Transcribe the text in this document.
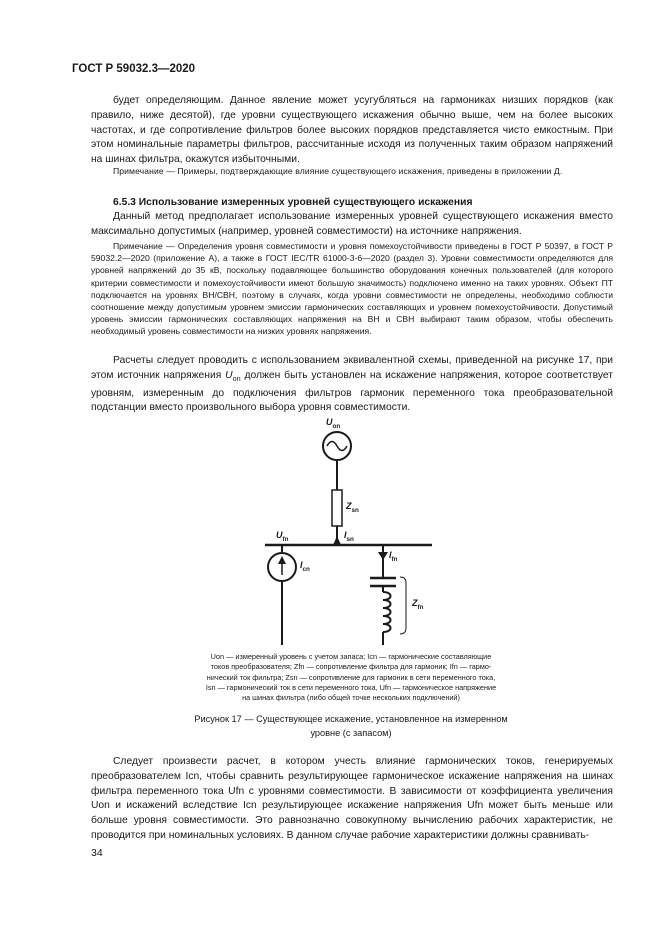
ГОСТ Р 59032.3—2020
будет определяющим. Данное явление может усугубляться на гармониках низших порядков (как правило, ниже десятой), где уровни существующего искажения обычно выше, чем на более высоких частотах, и где сопротивление фильтров более высоких порядков представляется чисто емкостным. При этом номинальные параметры фильтров, рассчитанные исходя из полученных таким образом напряжений на шинах фильтра, окажутся избыточными.
Примечание — Примеры, подтверждающие влияние существующего искажения, приведены в приложении Д.
6.5.3 Использование измеренных уровней существующего искажения
Данный метод предполагает использование измеренных уровней существующего искажения вместо максимально допустимых (например, уровней совместимости) на источнике напряжения.
Примечание — Определения уровня совместимости и уровня помехоустойчивости приведены в ГОСТ Р 50397, в ГОСТ Р 59032.2—2020 (приложение А), а также в ГОСТ IEC/TR 61000-3-6—2020 (раздел 3). Уровни совместимости определяются для уровней напряжений до 35 кВ, поскольку подавляющее большинство оборудования конечных пользователей (для которого критерии совместимости и помехоустойчивости имеют большую значимость) подключено именно на таких уровнях. Объект ПТ подключается на уровнях ВН/СВН, поэтому в случаях, когда уровни совместимости не определены, необходимо соблюсти соотношение между допустимым уровнем эмиссии гармонических составляющих и уровнем помехоустойчивости. Допустимый уровень эмиссии гармонических составляющих напряжения на ВН и СВН выбирают таким образом, чтобы обеспечить необходимый уровень совместимости на низких уровнях напряжения.
Расчеты следует проводить с использованием эквивалентной схемы, приведенной на рисунке 17, при этом источник напряжения $U_{on}$ должен быть установлен на искажение напряжения, которое соответствует уровням, измеренным до подключения фильтров гармоник переменного тока преобразовательной подстанции вместо произвольного выбора уровня совместимости.
$U_{on}$
$Z_{sn}$
$U_{fn}$	$I_{sn}$
$I_{fn}$
$I_{cn}$
$Z_{fn}$
Uon — измеренный уровень с учетом запаса; Icn — гармонические составляющие
токов преобразователя; Zfn — сопротивление фильтра для гармоник; Ifn — гармо-
нический ток фильтра; Zsn — сопротивление для гармоник в сети переменного тока,
Isn — гармонический ток в сети переменного тока, Ufn — гармоническое напряжение
на шинах фильтра (либо общей точке нескольких подключений)
Рисунок 17 — Существующее искажение, установленное на измеренном
уровне (с запасом)
Следует произвести расчет, в котором учесть влияние гармонических токов, генерируемых преобразователем Icn, чтобы сравнить результирующее гармоническое искажение напряжения на шинах фильтра переменного тока Ufn с уровнями совместимости. В зависимости от коэффициента увеличения Uon и искажений вследствие Icn результирующее искажение напряжения Ufn может быть меньше или больше уровня совместимости. Это равнозначно совокупному вычислению рабочих характеристик, не проводится при номинальных условиях. В данном случае рабочие характеристики должны сравнивать-
34
